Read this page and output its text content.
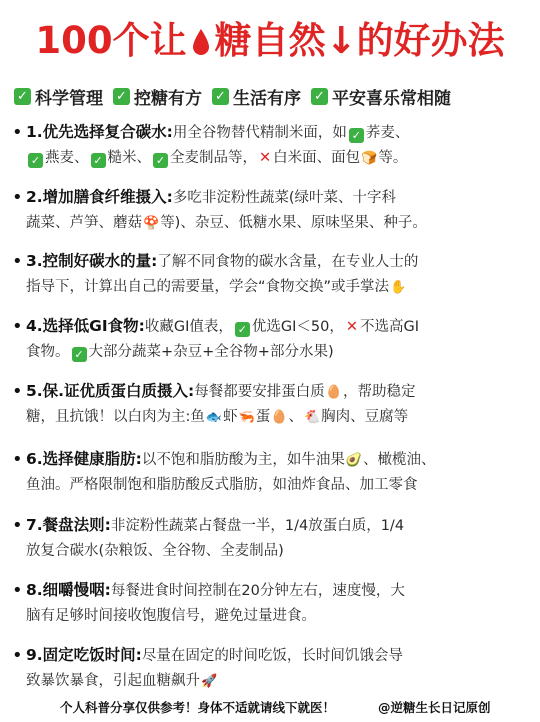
100个让 糖自然↓的好办法
✓ 科学管理 ✓ 控糖有方 ✓ 生活有序 ✓ 平安喜乐常相随
• 1.优先选择复合碳水:用全谷物替代精制米面，如 ✓ 荞麦、
✓ 燕麦、 ✓ 糙米、 ✓ 全麦制品等， ✕ 白米面、面包🍞等。
• 2.增加膳食纤维摄入:多吃非淀粉性蔬菜(绿叶菜、十字科
蔬菜、芦笋、蘑菇🍄等)、杂豆、低糖水果、原味坚果、种子。
• 3.控制好碳水的量:了解不同食物的碳水含量，在专业人士的
指导下，计算出自己的需要量，学会“食物交换”或手掌法✋
• 4.选择低GI食物:收藏GI值表， ✓ 优选GI＜50， ✕ 不选高GI
食物。 ✓ 大部分蔬菜+杂豆+全谷物+部分水果)
• 5.保.证优质蛋白质摄入:每餐都要安排蛋白质🥚，帮助稳定
糖，且抗饿！以白肉为主:鱼🐟虾🦐蛋🥚、🐔胸肉、豆腐等
• 6.选择健康脂肪:以不饱和脂肪酸为主，如牛油果🥑、橄榄油、
鱼油。严格限制饱和脂肪酸反式脂肪，如油炸食品、加工零食
• 7.餐盘法则:非淀粉性蔬菜占餐盘一半，1/4放蛋白质，1/4
放复合碳水(杂粮饭、全谷物、全麦制品)
• 8.细嚼慢咽:每餐进食时间控制在20分钟左右，速度慢，大
脑有足够时间接收饱腹信号，避免过量进食。
• 9.固定吃饭时间:尽量在固定的时间吃饭，长时间饥饿会导
致暴饮暴食，引起血糖飙升🚀
个人科普分享仅供参考！身体不适就请线下就医！	@逆糖生长日记原创
